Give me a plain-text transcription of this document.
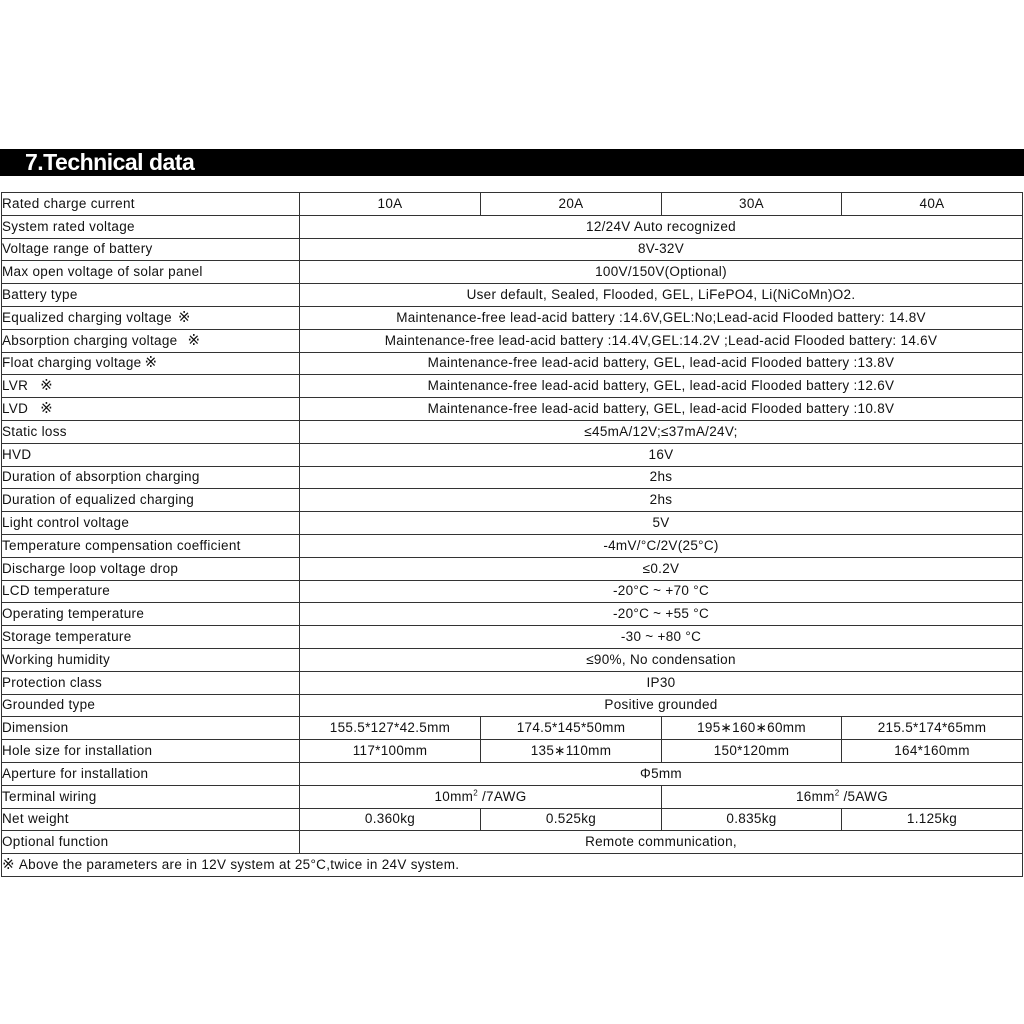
7.Technical data
Rated charge current	10A	20A	30A	40A
System rated voltage	12/24V Auto recognized			
Voltage range of battery	8V-32V			
Max open voltage of solar panel	100V/150V(Optional)			
Battery type	User default, Sealed, Flooded, GEL, LiFePO4, Li(NiCoMn)O2.			
Equalized charging voltage ※	Maintenance-free lead-acid battery :14.6V,GEL:No;Lead-acid Flooded battery: 14.8V			
Absorption charging voltage ※	Maintenance-free lead-acid battery :14.4V,GEL:14.2V ;Lead-acid Flooded battery: 14.6V			
Float charging voltage ※	Maintenance-free lead-acid battery, GEL, lead-acid Flooded battery :13.8V			
LVR ※	Maintenance-free lead-acid battery, GEL, lead-acid Flooded battery :12.6V			
LVD ※	Maintenance-free lead-acid battery, GEL, lead-acid Flooded battery :10.8V			
Static loss	≤45mA/12V;≤37mA/24V;			
HVD	16V			
Duration of absorption charging	2hs			
Duration of equalized charging	2hs			
Light control voltage	5V			
Temperature compensation coefficient	-4mV/°C/2V(25°C)			
Discharge loop voltage drop	≤0.2V			
LCD temperature	-20°C ~ +70 °C			
Operating temperature	-20°C ~ +55 °C			
Storage temperature	-30 ~ +80 °C			
Working humidity	≤90%, No condensation			
Protection class	IP30			
Grounded type	Positive grounded			
Dimension	155.5*127*42.5mm	174.5*145*50mm	195∗160∗60mm	215.5*174*65mm
Hole size for installation	117*100mm	135∗110mm	150*120mm	164*160mm
Aperture for installation	Φ5mm			
Terminal wiring	$10mm^2$ /7AWG		$16mm^2$ /5AWG	
Net weight	0.360kg	0.525kg	0.835kg	1.125kg
Optional function	Remote communication,			
※ Above the parameters are in 12V system at 25°C,twice in 24V system.				
